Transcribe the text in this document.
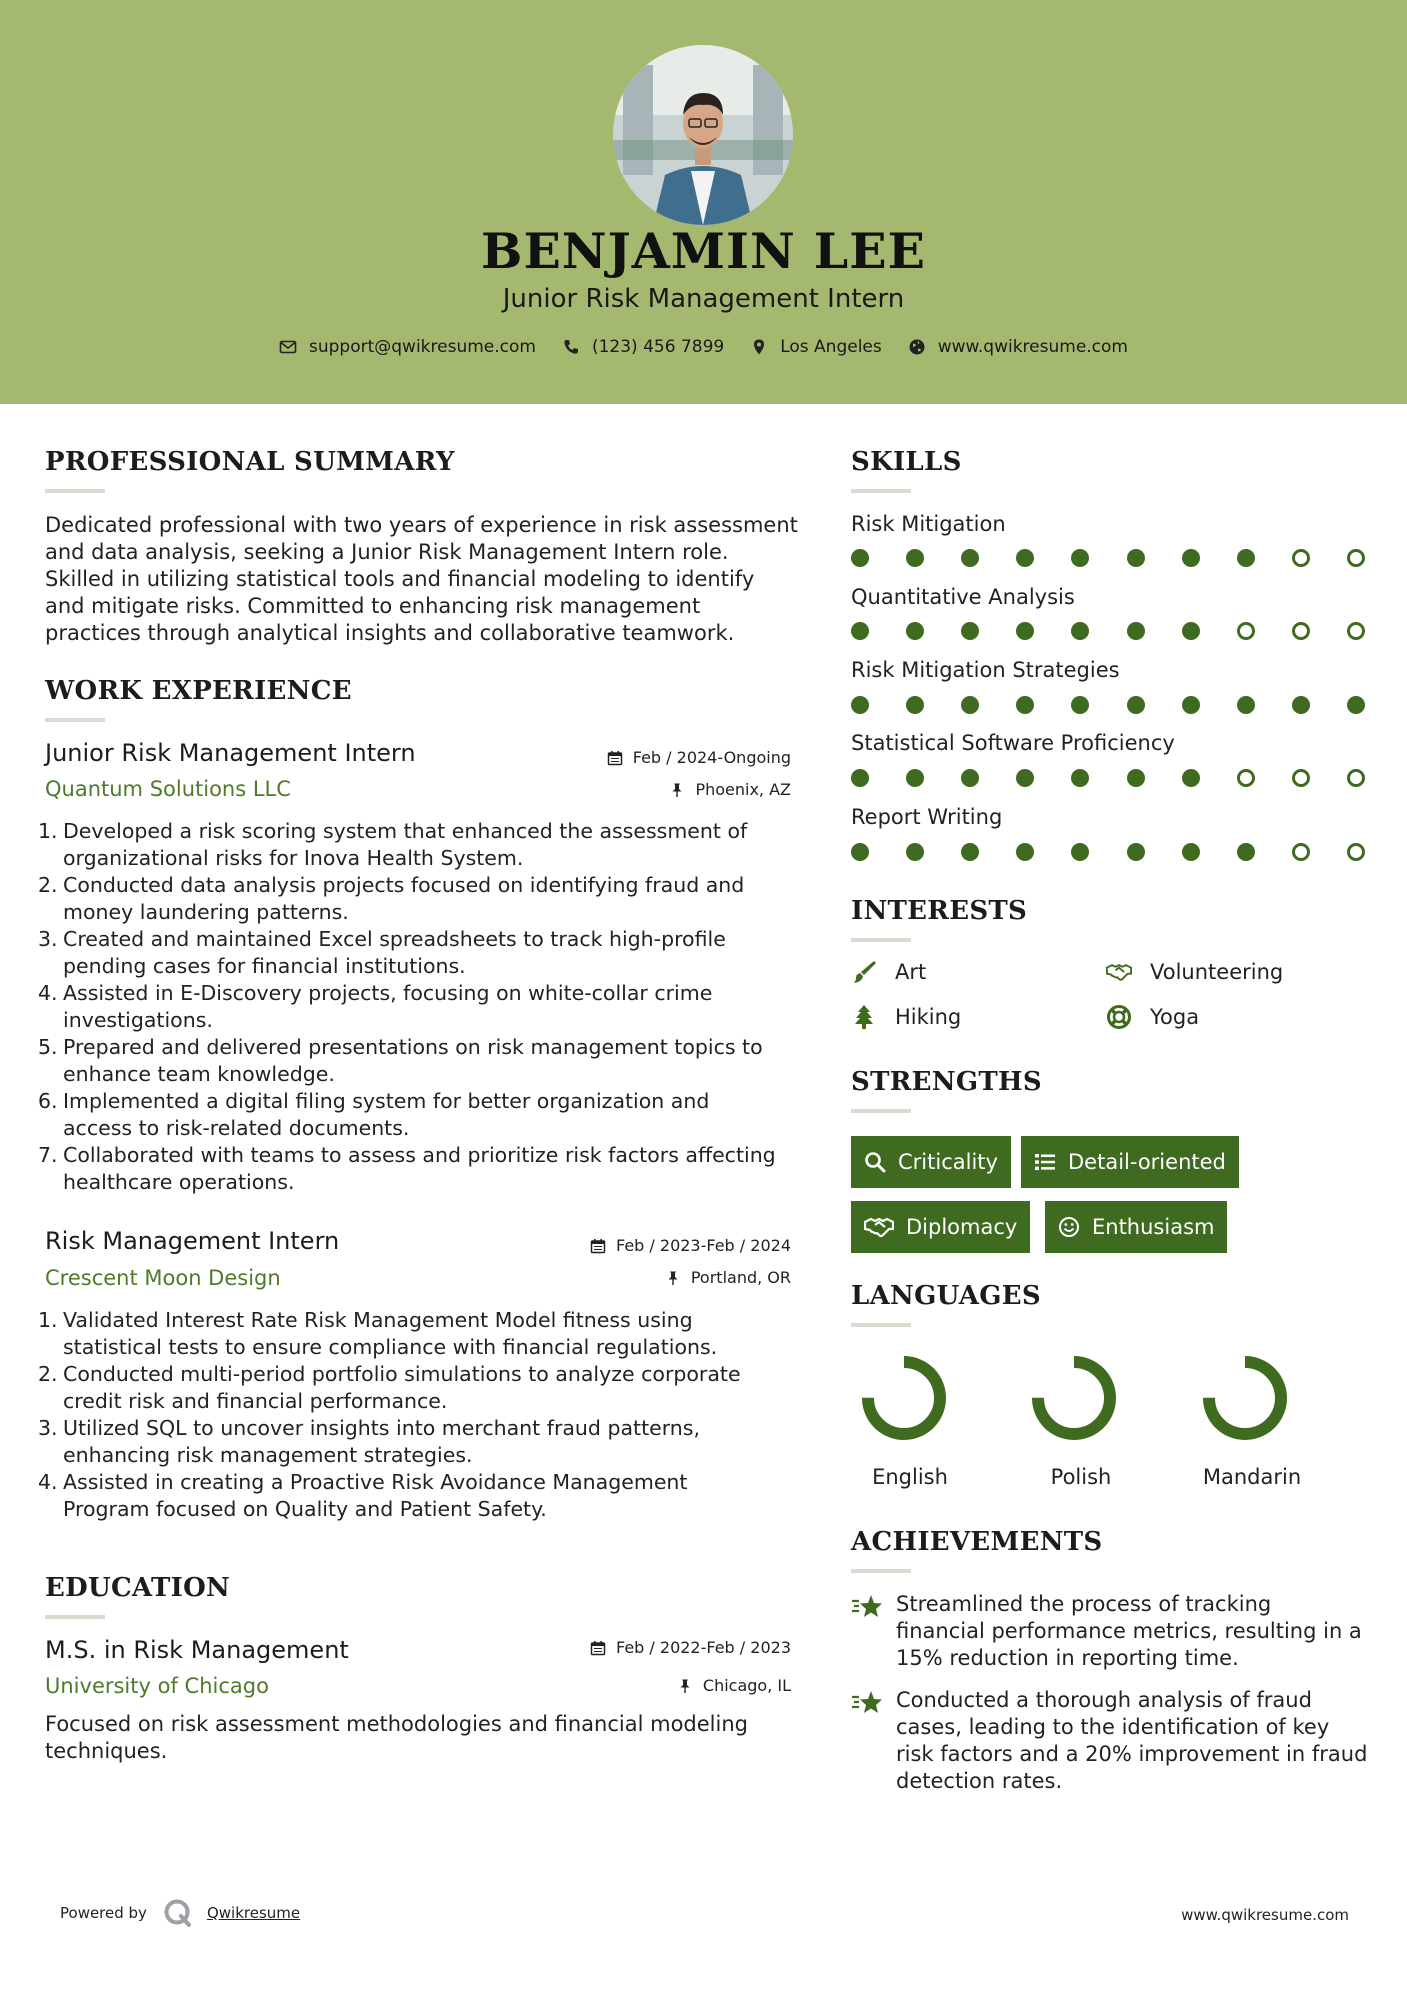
BENJAMIN LEE
Junior Risk Management Intern
support@qwikresume.com	(123) 456 7899	Los Angeles	www.qwikresume.com
PROFESSIONAL SUMMARY
Dedicated professional with two years of experience in risk assessment
and data analysis, seeking a Junior Risk Management Intern role.
Skilled in utilizing statistical tools and financial modeling to identify
and mitigate risks. Committed to enhancing risk management
practices through analytical insights and collaborative teamwork.
WORK EXPERIENCE
Junior Risk Management Intern	Feb / 2024-Ongoing
Quantum Solutions LLC	Phoenix, AZ
1. Developed a risk scoring system that enhanced the assessment of
organizational risks for Inova Health System.
2. Conducted data analysis projects focused on identifying fraud and
money laundering patterns.
3. Created and maintained Excel spreadsheets to track high-profile
pending cases for financial institutions.
4. Assisted in E-Discovery projects, focusing on white-collar crime
investigations.
5. Prepared and delivered presentations on risk management topics to
enhance team knowledge.
6. Implemented a digital filing system for better organization and
access to risk-related documents.
7. Collaborated with teams to assess and prioritize risk factors affecting
healthcare operations.
Risk Management Intern	Feb / 2023-Feb / 2024
Crescent Moon Design	Portland, OR
1. Validated Interest Rate Risk Management Model fitness using
statistical tests to ensure compliance with financial regulations.
2. Conducted multi-period portfolio simulations to analyze corporate
credit risk and financial performance.
3. Utilized SQL to uncover insights into merchant fraud patterns,
enhancing risk management strategies.
4. Assisted in creating a Proactive Risk Avoidance Management
Program focused on Quality and Patient Safety.
EDUCATION
M.S. in Risk Management	Feb / 2022-Feb / 2023
University of Chicago	Chicago, IL
Focused on risk assessment methodologies and financial modeling
techniques.
SKILLS
Risk Mitigation
Quantitative Analysis
Risk Mitigation Strategies
Statistical Software Proficiency
Report Writing
INTERESTS
Art	Volunteering
Hiking	Yoga
STRENGTHS
Criticality	Detail-oriented
Diplomacy	Enthusiasm
LANGUAGES
English	Polish	Mandarin
ACHIEVEMENTS
Streamlined the process of tracking
financial performance metrics, resulting in a
15% reduction in reporting time.
Conducted a thorough analysis of fraud
cases, leading to the identification of key
risk factors and a 20% improvement in fraud
detection rates.
Powered by	Qwikresume	www.qwikresume.com
